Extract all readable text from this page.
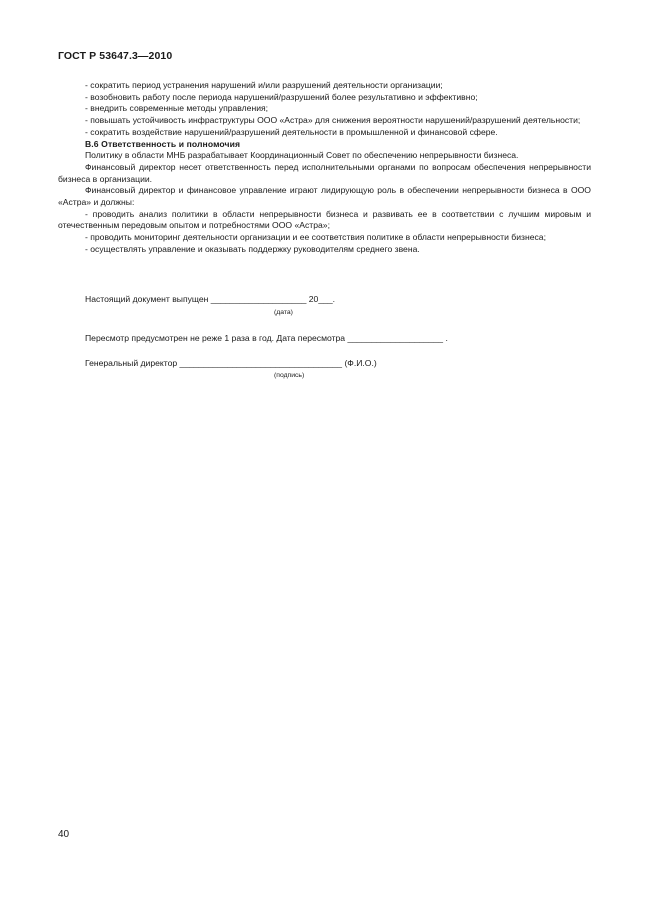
ГОСТ Р 53647.3—2010

- сократить период устранения нарушений и/или разрушений деятельности организации;

- возобновить работу после периода нарушений/разрушений более результативно и эффективно;

- внедрить современные методы управления;

- повышать устойчивость инфраструктуры ООО «Астра» для снижения вероятности нарушений/разрушений деятельности;

- сократить воздействие нарушений/разрушений деятельности в промышленной и финансовой сфере.

В.6 Ответственность и полномочия

Политику в области МНБ разрабатывает Координационный Совет по обеспечению непрерывности бизнеса.

Финансовый директор несет ответственность перед исполнительными органами по вопросам обеспечения непрерывности бизнеса в организации.

Финансовый директор и финансовое управление играют лидирующую роль в обеспечении непрерывности бизнеса в ООО «Астра» и должны:

- проводить анализ политики в области непрерывности бизнеса и развивать ее в соответствии с лучшим мировым и отечественным передовым опытом и потребностями ООО «Астра»;

- проводить мониторинг деятельности организации и ее соответствия политике в области непрерывности бизнеса;

- осуществлять управление и оказывать поддержку руководителям среднего звена.

Настоящий документ выпущен ____________________ 20___.
(дата)
Пересмотр предусмотрен не реже 1 раза в год. Дата пересмотра ____________________ .
Генеральный директор __________________________________ (Ф.И.О.)
(подпись)
40
